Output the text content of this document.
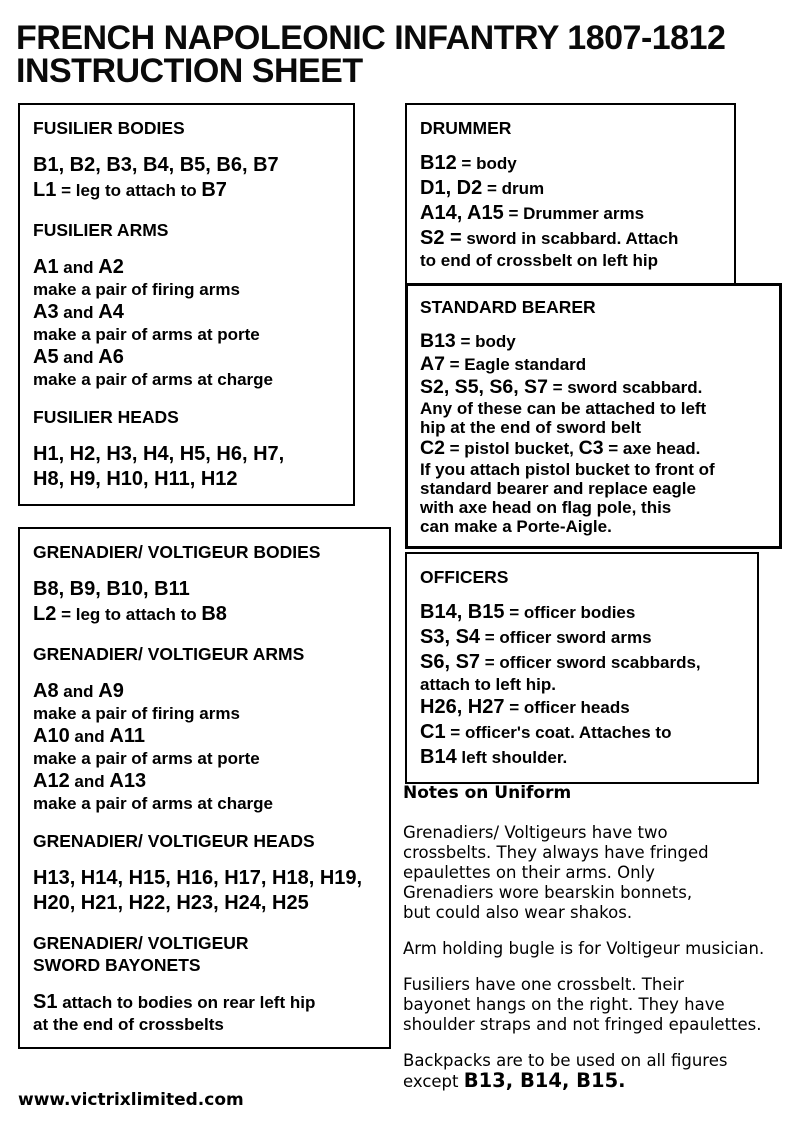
FRENCH NAPOLEONIC INFANTRY 1807-1812
INSTRUCTION SHEET
FUSILIER BODIES
B1, B2, B3, B4, B5, B6, B7
L1 = leg to attach to B7
FUSILIER ARMS
A1 and A2
make a pair of firing arms
A3 and A4
make a pair of arms at porte
A5 and A6
make a pair of arms at charge
FUSILIER HEADS
H1, H2, H3, H4, H5, H6, H7,
H8, H9, H10, H11, H12
GRENADIER/ VOLTIGEUR BODIES
B8, B9, B10, B11
L2 = leg to attach to B8
GRENADIER/ VOLTIGEUR ARMS
A8 and A9
make a pair of firing arms
A10 and A11
make a pair of arms at porte
A12 and A13
make a pair of arms at charge
GRENADIER/ VOLTIGEUR HEADS
H13, H14, H15, H16, H17, H18, H19,
H20, H21, H22, H23, H24, H25
GRENADIER/ VOLTIGEUR
SWORD BAYONETS
S1 attach to bodies on rear left hip
at the end of crossbelts
DRUMMER
B12 = body
D1, D2 = drum
A14, A15 = Drummer arms
S2 = sword in scabbard. Attach
to end of crossbelt on left hip
STANDARD BEARER
B13 = body
A7 = Eagle standard
S2, S5, S6, S7 = sword scabbard.
Any of these can be attached to left
hip at the end of sword belt
C2 = pistol bucket, C3 = axe head.
If you attach pistol bucket to front of
standard bearer and replace eagle
with axe head on flag pole, this
can make a Porte-Aigle.
OFFICERS
B14, B15 = officer bodies
S3, S4 = officer sword arms
S6, S7 = officer sword scabbards,
attach to left hip.
H26, H27 = officer heads
C1 = officer's coat. Attaches to
B14 left shoulder.
Notes on Uniform
Grenadiers/ Voltigeurs have two
crossbelts. They always have fringed
epaulettes on their arms. Only
Grenadiers wore bearskin bonnets,
but could also wear shakos.
Arm holding bugle is for Voltigeur musician.
Fusiliers have one crossbelt. Their
bayonet hangs on the right. They have
shoulder straps and not fringed epaulettes.
Backpacks are to be used on all figures
except B13, B14, B15.
www.victrixlimited.com
